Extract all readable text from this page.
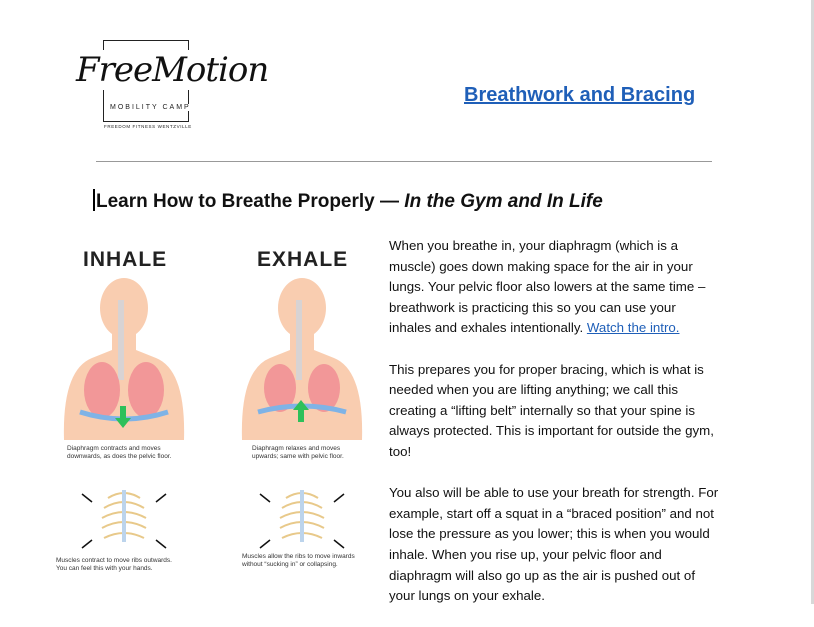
FreeMotion
MOBILITY CAMP
FREEDOM FITNESS WENTZVILLE
Breathwork and Bracing
Learn How to Breathe Properly — In the Gym and In Life
INHALE	EXHALE
Diaphragm contracts and moves
downwards, as does the pelvic floor.
Diaphragm relaxes and moves
upwards; same with pelvic floor.
Muscles contract to move ribs outwards.
You can feel this with your hands.
Muscles allow the ribs to move inwards
without “sucking in” or collapsing.

When you breathe in, your diaphragm (which is a muscle) goes down making space for the air in your lungs. Your pelvic floor also lowers at the same time – breathwork is practicing this so you can use your inhales and exhales intentionally. Watch the intro.

This prepares you for proper bracing, which is what is needed when you are lifting anything; we call this creating a “lifting belt” internally so that your spine is always protected. This is important for outside the gym, too!

You also will be able to use your breath for strength. For example, start off a squat in a “braced position” and not lose the pressure as you lower; this is when you would inhale. When you rise up, your pelvic floor and diaphragm will also go up as the air is pushed out of your lungs on your exhale.
